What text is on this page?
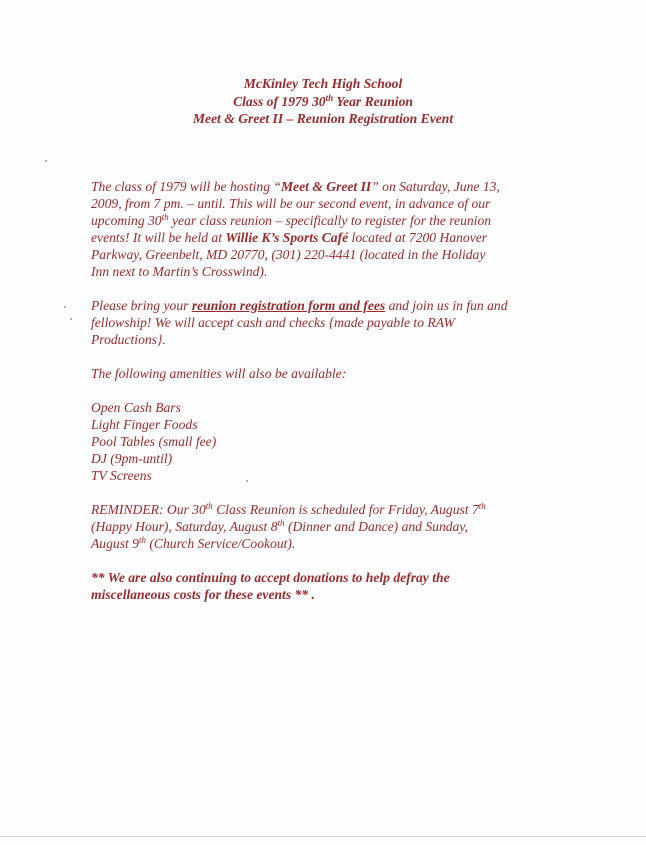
McKinley Tech High School
Class of 1979 30th Year Reunion
Meet & Greet II – Reunion Registration Event

The class of 1979 will be hosting “Meet & Greet II” on Saturday, June 13,
2009, from 7 pm. – until. This will be our second event, in advance of our
upcoming 30th year class reunion – specifically to register for the reunion
events! It will be held at Willie K’s Sports Café located at 7200 Hanover
Parkway, Greenbelt, MD 20770, (301) 220-4441 (located in the Holiday
Inn next to Martin’s Crosswind).

Please bring your reunion registration form and fees and join us in fun and
fellowship! We will accept cash and checks {made payable to RAW
Productions}.

The following amenities will also be available:

Open Cash Bars
Light Finger Foods
Pool Tables (small fee)
DJ (9pm-until)
TV Screens

REMINDER: Our 30th Class Reunion is scheduled for Friday, August 7th
(Happy Hour), Saturday, August 8th (Dinner and Dance) and Sunday,
August 9th (Church Service/Cookout).

** We are also continuing to accept donations to help defray the
miscellaneous costs for these events ** .
